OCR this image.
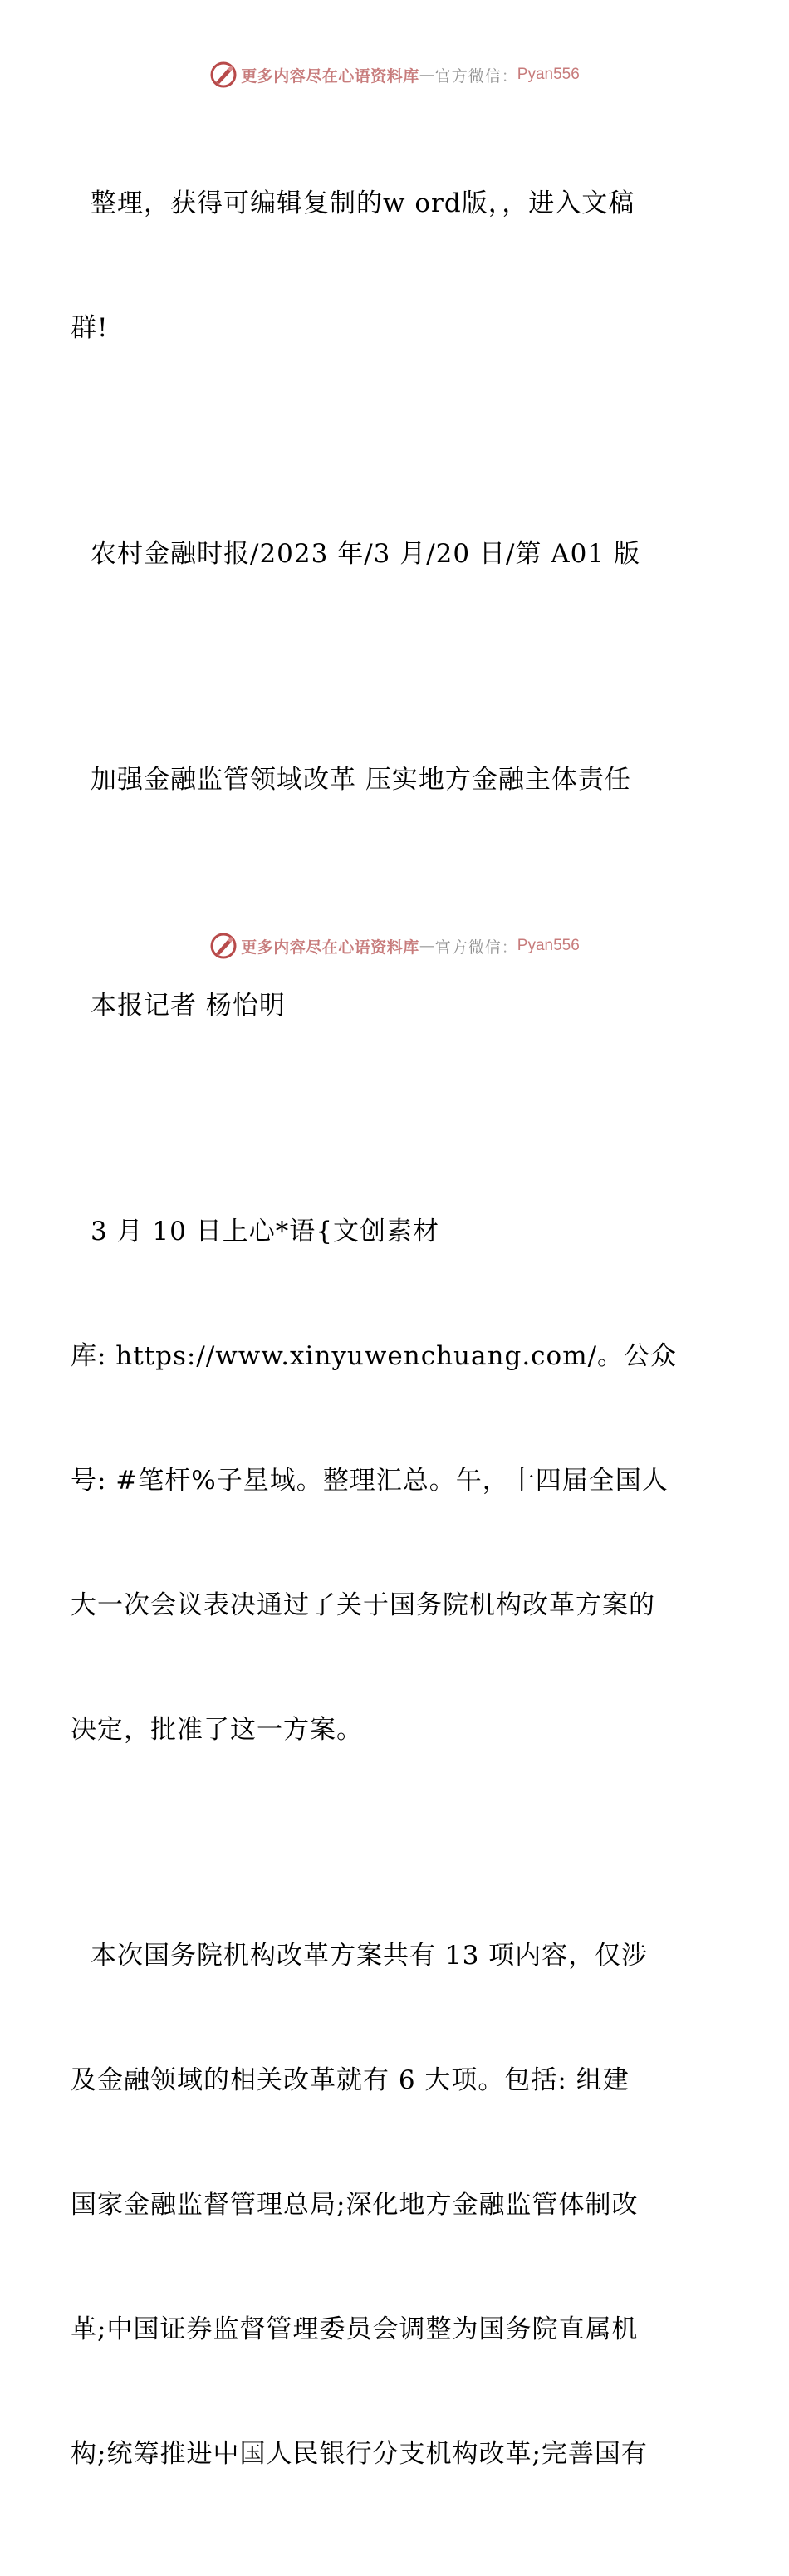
更多内容尽在心语资料库 — 官方微信 ： Pyan556

整理，获得可编辑复制的w ord版，，进入文稿

群!

农村金融时报/2023 年/3 月/20 日/第 A01 版

加强金融监管领域改革 压实地方金融主体责任

本报记者 杨怡明

3 月 10 日上心*语{文创素材

库: https://www.xinyuwenchuang.com/。公众

号: #笔杆%子星域。整理汇总。午，十四届全国人

大一次会议表决通过了关于国务院机构改革方案的

决定，批准了这一方案。

本次国务院机构改革方案共有 13 项内容，仅涉

及金融领域的相关改革就有 6 大项。包括: 组建

国家金融监督管理总局;深化地方金融监管体制改

革;中国证券监督管理委员会调整为国务院直属机

构;统筹推进中国人民银行分支机构改革;完善国有

更多内容尽在心语资料库 — 官方微信 ： Pyan556
